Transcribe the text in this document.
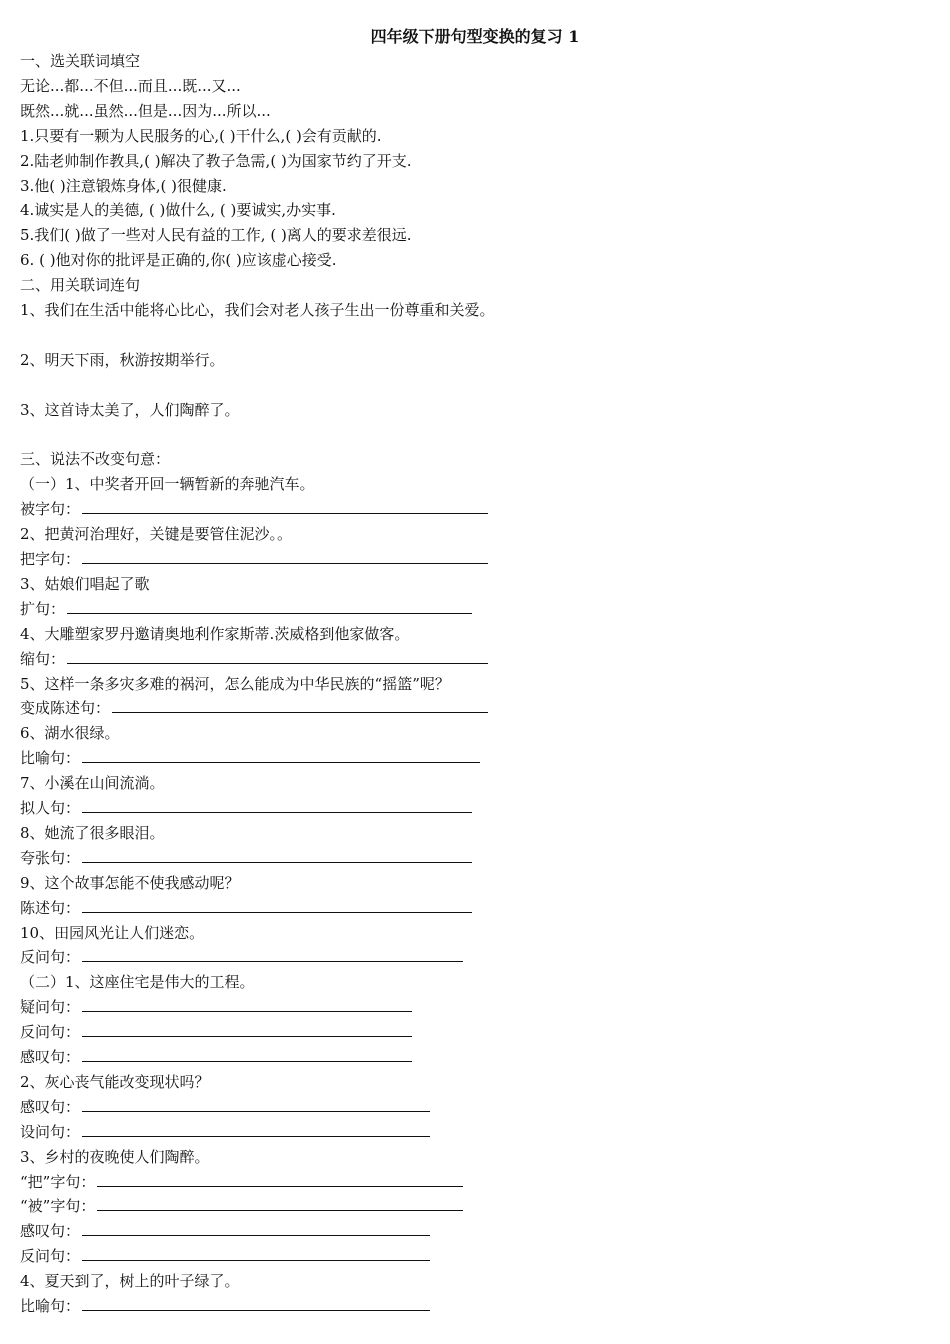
四年级下册句型变换的复习 1
一、选关联词填空
无论...都...不但...而且...既...又...
既然...就...虽然...但是...因为...所以...
1.只要有一颗为人民服务的心,( )干什么,( )会有贡献的.
2.陆老帅制作教具,( )解决了教子急需,( )为国家节约了开支.
3.他( )注意锻炼身体,( )很健康.
4.诚实是人的美德, ( )做什么, ( )要诚实,办实事.
5.我们( )做了一些对人民有益的工作, ( )离人的要求差很远.
6. ( )他对你的批评是正确的,你( )应该虚心接受.
二、用关联词连句
1、我们在生活中能将心比心，我们会对老人孩子生出一份尊重和关爱。
2、明天下雨，秋游按期举行。
3、这首诗太美了，人们陶醉了。
三、说法不改变句意：
（一）1、中奖者开回一辆暂新的奔驰汽车。
被字句：
2、把黄河治理好，关键是要管住泥沙。。
把字句：
3、姑娘们唱起了歌
扩句：
4、大雕塑家罗丹邀请奥地利作家斯蒂.茨威格到他家做客。
缩句：
5、这样一条多灾多难的祸河，怎么能成为中华民族的“摇篮”呢？
变成陈述句：
6、湖水很绿。
比喻句：
7、小溪在山间流淌。
拟人句：
8、她流了很多眼泪。
夸张句：
9、这个故事怎能不使我感动呢？
陈述句：
10、田园风光让人们迷恋。
反问句：
（二）1、这座住宅是伟大的工程。
疑问句：
反问句：
感叹句：
2、灰心丧气能改变现状吗？
感叹句：
设问句：
3、乡村的夜晚使人们陶醉。
“把”字句：
“被”字句：
感叹句：
反问句：
4、夏天到了，树上的叶子绿了。
比喻句：
